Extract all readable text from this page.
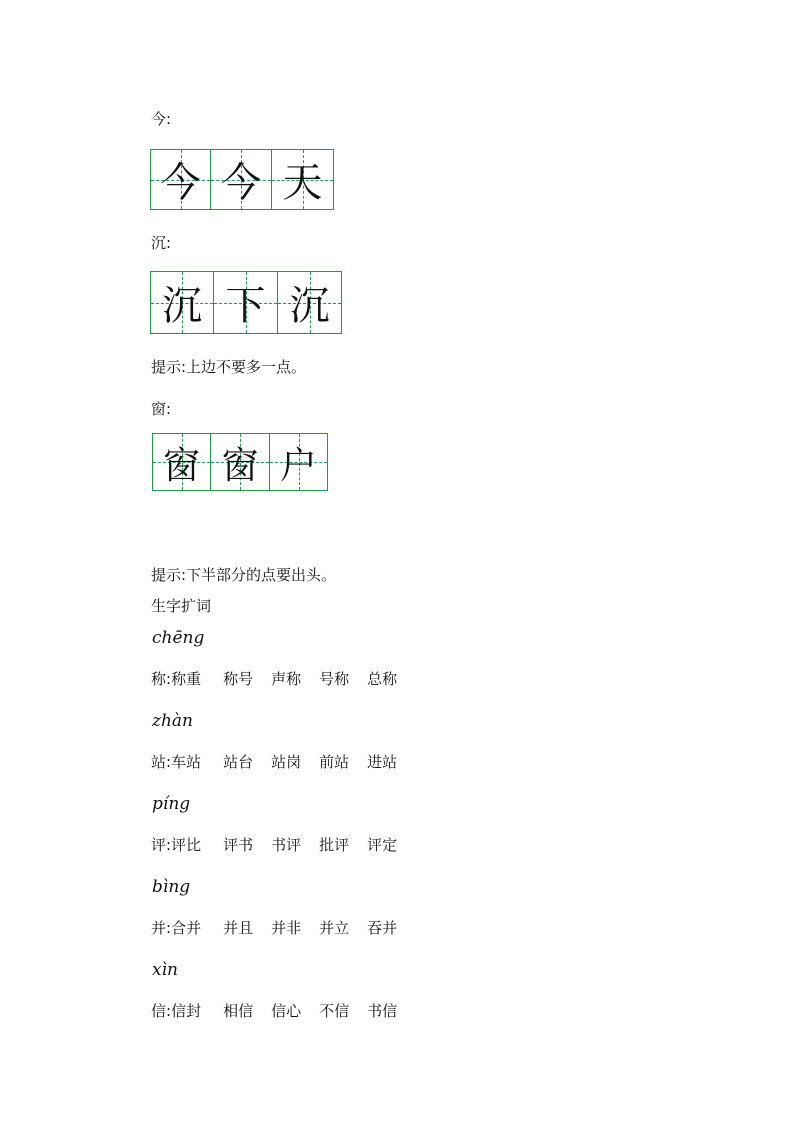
今:
今 今 天
沉:
沉 下 沉
提示:上边不要多一点。
窗:
窗 窗 户
提示:下半部分的点要出头。
生字扩词
chēng
称: 称重	称号	声称	号称	总称
zhàn
站: 车站	站台	站岗	前站	进站
píng
评: 评比	评书	书评	批评	评定
bìng
并: 合并	并且	并非	并立	吞并
xìn
信: 信封	相信	信心	不信	书信
